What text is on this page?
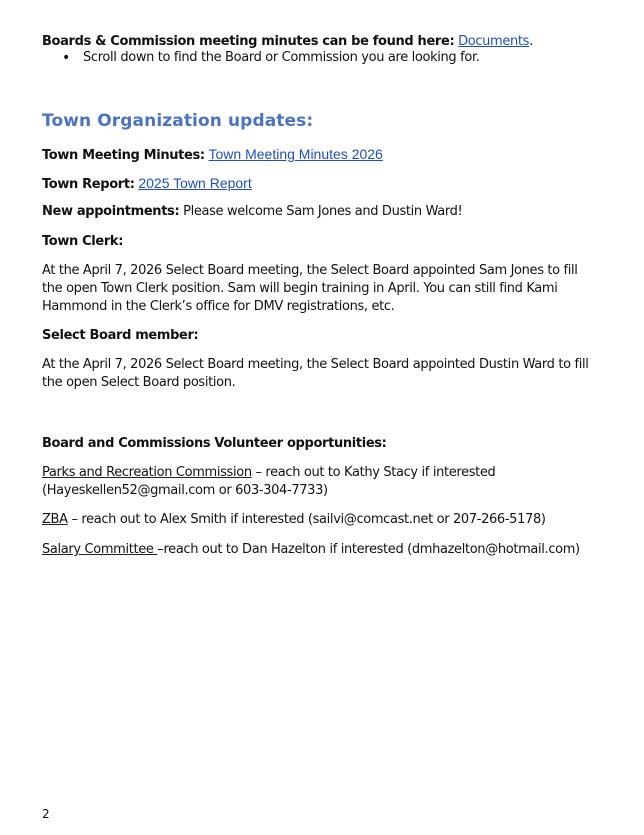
Boards & Commission meeting minutes can be found here: Documents.
• Scroll down to find the Board or Commission you are looking for.
Town Organization updates:
Town Meeting Minutes: Town Meeting Minutes 2026
Town Report: 2025 Town Report
New appointments: Please welcome Sam Jones and Dustin Ward!
Town Clerk:
At the April 7, 2026 Select Board meeting, the Select Board appointed Sam Jones to fill
the open Town Clerk position. Sam will begin training in April. You can still find Kami
Hammond in the Clerk’s office for DMV registrations, etc.
Select Board member:
At the April 7, 2026 Select Board meeting, the Select Board appointed Dustin Ward to fill
the open Select Board position.
Board and Commissions Volunteer opportunities:
Parks and Recreation Commission – reach out to Kathy Stacy if interested
(Hayeskellen52@gmail.com or 603-304-7733)
ZBA – reach out to Alex Smith if interested (sailvi@comcast.net or 207-266-5178)
Salary Committee –reach out to Dan Hazelton if interested (dmhazelton@hotmail.com)
2
